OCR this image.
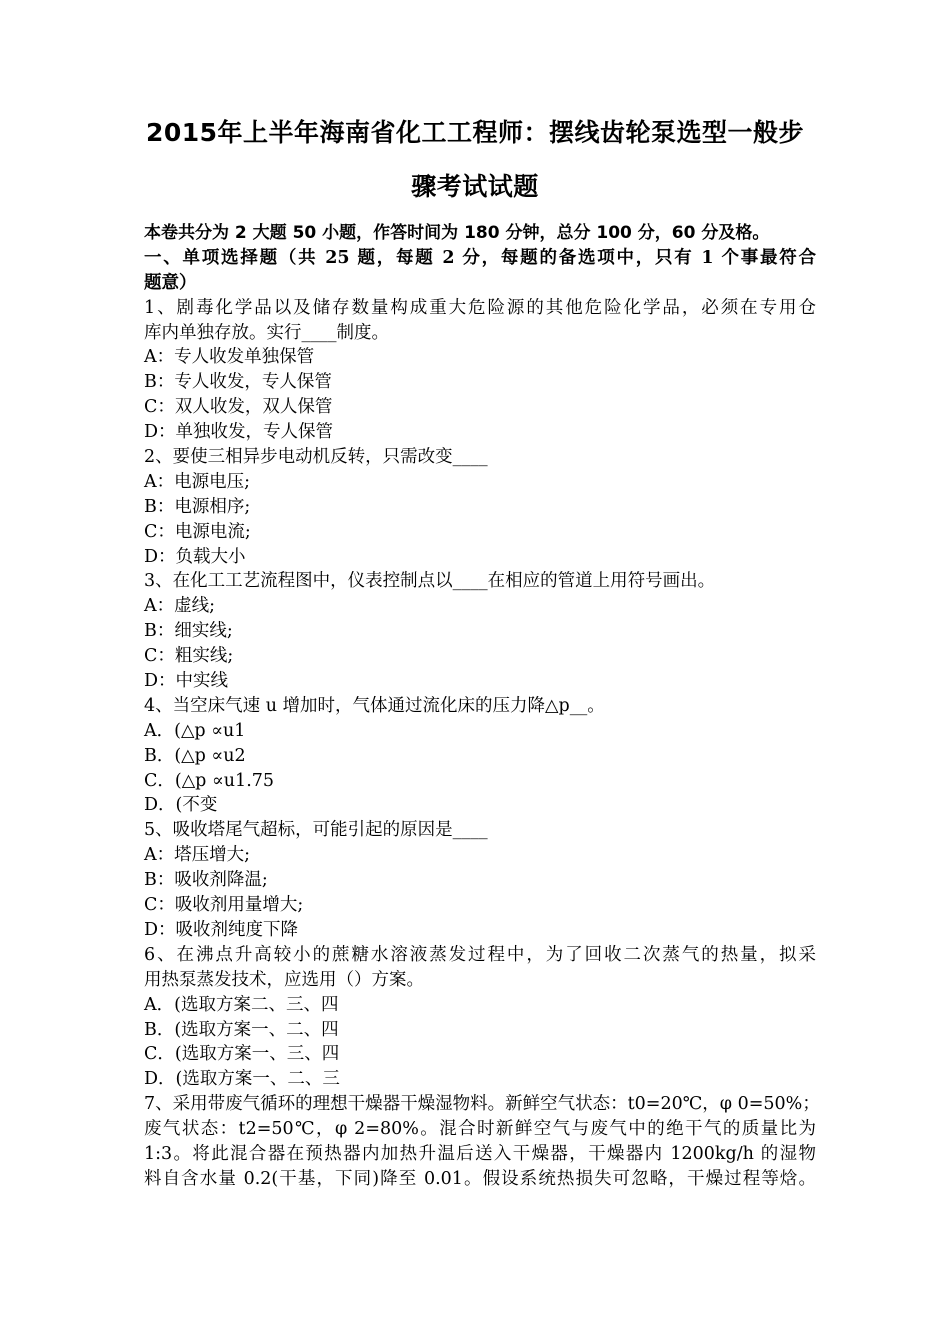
2015年上半年海南省化工工程师：摆线齿轮泵选型一般步
骤考试试题
本卷共分为 2 大题 50 小题，作答时间为 180 分钟，总分 100 分，60 分及格。
一、单项选择题（共 25 题，每题 2 分，每题的备选项中，只有 1 个事最符合
题意）
1、剧毒化学品以及储存数量构成重大危险源的其他危险化学品，必须在专用仓
库内单独存放。实行____制度。
A：专人收发单独保管
B：专人收发，专人保管
C：双人收发，双人保管
D：单独收发，专人保管
2、要使三相异步电动机反转，只需改变____
A：电源电压;
B：电源相序;
C：电源电流;
D：负载大小
3、在化工工艺流程图中，仪表控制点以____在相应的管道上用符号画出。
A：虚线;
B：细实线;
C：粗实线;
D：中实线
4、当空床气速 u 增加时，气体通过流化床的压力降△p__。
A．(△p ∝u1
B．(△p ∝u2
C．(△p ∝u1.75
D．(不变
5、吸收塔尾气超标，可能引起的原因是____
A：塔压增大;
B：吸收剂降温;
C：吸收剂用量增大;
D：吸收剂纯度下降
6、在沸点升高较小的蔗糖水溶液蒸发过程中，为了回收二次蒸气的热量，拟采
用热泵蒸发技术，应选用（）方案。
A．(选取方案二、三、四
B．(选取方案一、二、四
C．(选取方案一、三、四
D．(选取方案一、二、三
7、采用带废气循环的理想干燥器干燥湿物料。新鲜空气状态：t0=20℃，φ 0=50%；
废气状态：t2=50℃，φ 2=80%。混合时新鲜空气与废气中的绝干气的质量比为
1:3。将此混合器在预热器内加热升温后送入干燥器，干燥器内 1200kg/h 的湿物
料自含水量 0.2(干基，下同)降至 0.01。假设系统热损失可忽略，干燥过程等焓。
